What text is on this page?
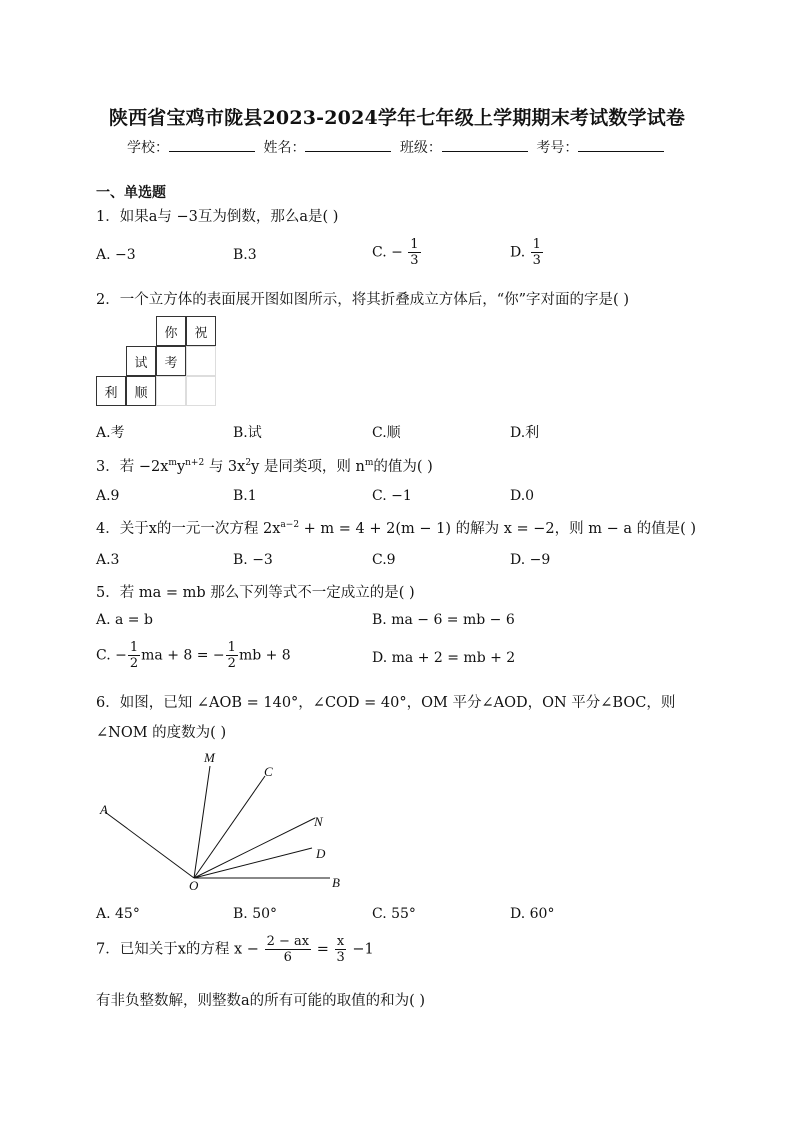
陕西省宝鸡市陇县2023-2024学年七年级上学期期末考试数学试卷
学校：	姓名：	班级：	考号：
一、单选题
1．如果a与 −3互为倒数，那么a是( )
A. −3	B.3	C. − $\frac{1}{3}$	D. $\frac{1}{3}$
2．一个立方体的表面展开图如图所示，将其折叠成立方体后，“你”字对面的字是( )
你	祝
试	考
利	顺
A.考	B.试	C.顺	D.利
3．若 $-2x^my^{n+2}$ 与 $3x^2y$ 是同类项，则 $n^m$的值为( )
A.9	B.1	C. −1	D.0
4．关于x的一元一次方程 $2x^{a-2} + m = 4 + 2(m - 1)$ 的解为 x = −2，则 m − a 的值是( )
A.3	B. −3	C.9	D. −9
5．若 ma = mb 那么下列等式不一定成立的是( )
A. a = b	B. ma − 6 = mb − 6
C. − $\frac{1}{2}$ ma + 8 = − $\frac{1}{2}$ mb + 8	D. ma + 2 = mb + 2
6．如图，已知 ∠AOB = 140°，∠COD = 40°，OM 平分∠AOD，ON 平分∠BOC，则
∠NOM 的度数为( )
A
M
C
N
D
O	B
A. 45°	B. 50°	C. 55°	D. 60°
7．已知关于x的方程 $x - \frac{2 - ax}{6} = \frac{x}{3} -1$
有非负整数解，则整数a的所有可能的取值的和为( )
